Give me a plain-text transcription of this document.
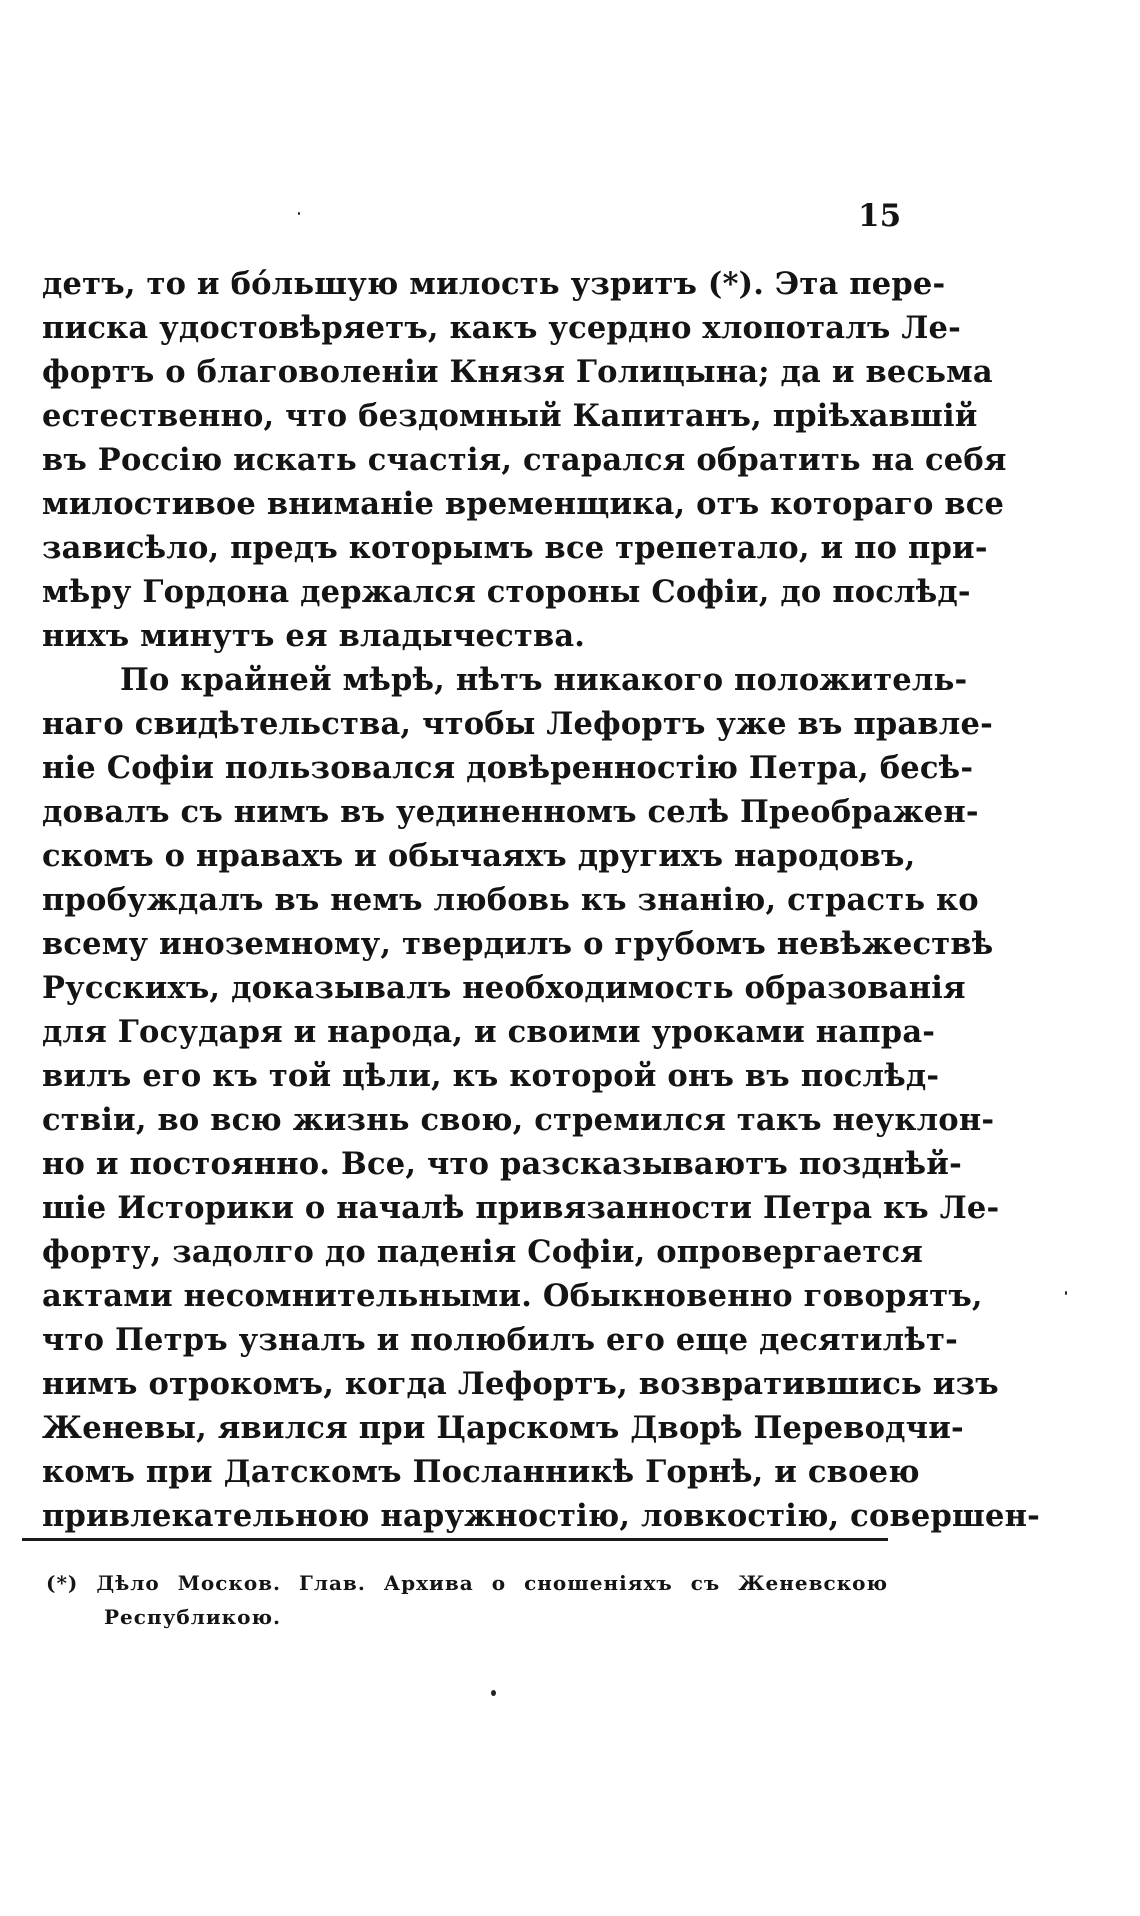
15
детъ, то и бо́льшую милость узритъ (*). Эта пере-
писка удостовѣряетъ, какъ усердно хлопоталъ Ле-
фортъ о благоволеніи Князя Голицына; да и весьма
естественно, что бездомный Капитанъ, пріѣхавшій
въ Россію искать счастія, старался обратить на себя
милостивое вниманіе временщика, отъ котораго все
зависѣло, предъ которымъ все трепетало, и по при-
мѣру Гордона держался стороны Софіи, до послѣд-
нихъ минутъ ея владычества.
По крайней мѣрѣ, нѣтъ никакого положитель-
наго свидѣтельства, чтобы Лефортъ уже въ правле-
ніе Софіи пользовался довѣренностію Петра, бесѣ-
довалъ съ нимъ въ уединенномъ селѣ Преображен-
скомъ о нравахъ и обычаяхъ другихъ народовъ,
пробуждалъ въ немъ любовь къ знанію, страсть ко
всему иноземному, твердилъ о грубомъ невѣжествѣ
Русскихъ, доказывалъ необходимость образованія
для Государя и народа, и своими уроками напра-
вилъ его къ той цѣли, къ которой онъ въ послѣд-
ствіи, во всю жизнь свою, стремился такъ неуклон-
но и постоянно. Все, что разсказываютъ позднѣй-
шіе Историки о началѣ привязанности Петра къ Ле-
форту, задолго до паденія Софіи, опровергается
актами несомнительными. Обыкновенно говорятъ,
что Петръ узналъ и полюбилъ его еще десятилѣт-
нимъ отрокомъ, когда Лефортъ, возвратившись изъ
Женевы, явился при Царскомъ Дворѣ Переводчи-
комъ при Датскомъ Посланникѣ Горнѣ, и своею
привлекательною наружностію, ловкостію, совершен-
(*) Дѣло Москов. Глав. Архива о сношеніяхъ съ Женевскою
Республикою.
